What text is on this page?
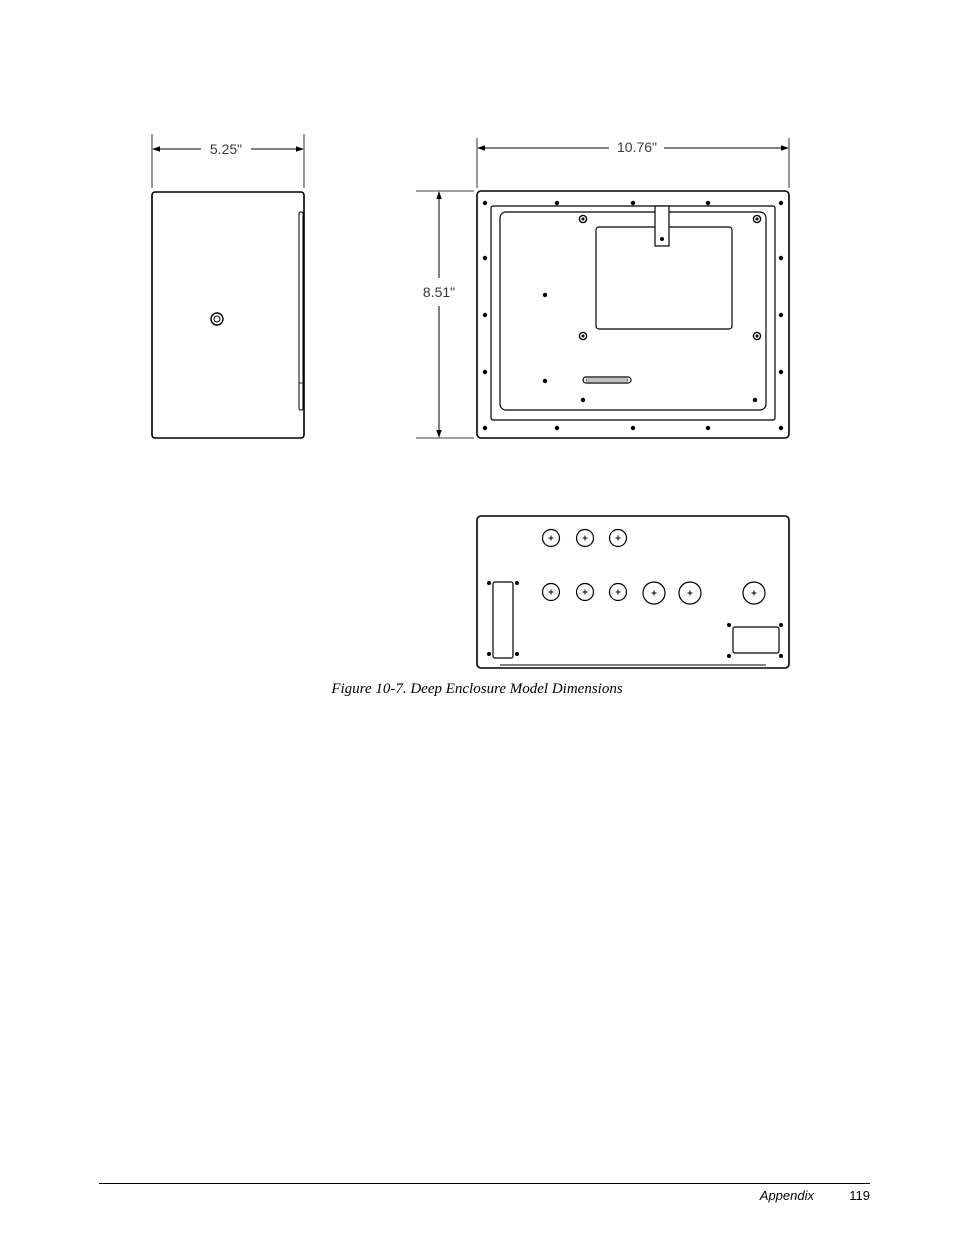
5.25"	10.76"
8.51"
Figure 10-7. Deep Enclosure Model Dimensions
Appendix	119
